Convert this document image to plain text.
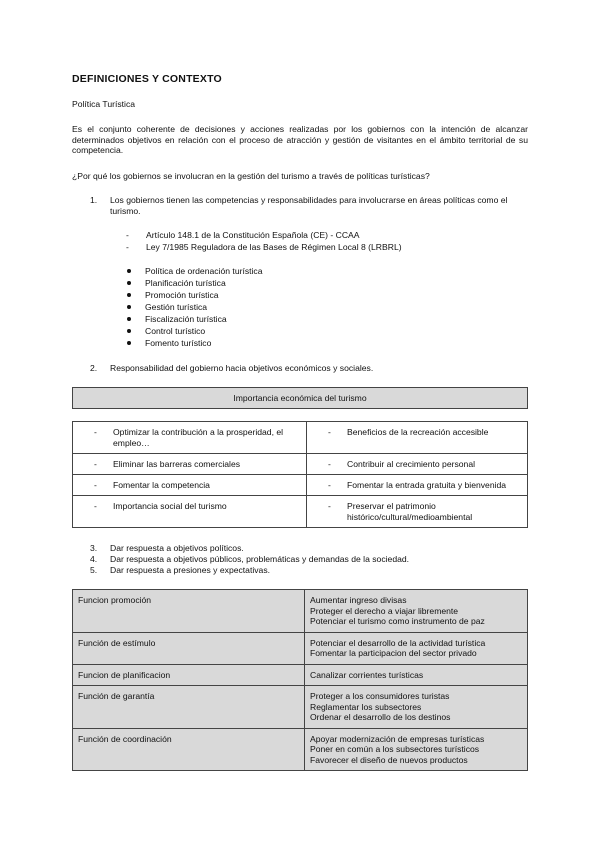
DEFINICIONES Y CONTEXTO
Política Turística
Es el conjunto coherente de decisiones y acciones realizadas por los gobiernos con la intención de alcanzar determinados objetivos en relación con el proceso de atracción y gestión de visitantes en el ámbito territorial de su competencia.
¿Por qué los gobiernos se involucran en la gestión del turismo a través de políticas turísticas?
1. Los gobiernos tienen las competencias y responsabilidades para involucrarse en áreas políticas como el turismo.
- Artículo 148.1 de la Constitución Española (CE) - CCAA
- Ley 7/1985 Reguladora de las Bases de Régimen Local 8 (LRBRL)
Política de ordenación turística
Planificación turística
Promoción turística
Gestión turística
Fiscalización turística
Control turístico
Fomento turístico
2. Responsabilidad del gobierno hacia objetivos económicos y sociales.
Importancia económica del turismo
- Optimizar la contribución a la prosperidad, el empleo…	- Beneficios de la recreación accesible

- Eliminar las barreras comerciales	- Contribuir al crecimiento personal

- Fomentar la competencia	- Fomentar la entrada gratuita y bienvenida

- Importancia social del turismo	- Preservar el patrimonio histórico/cultural/medioambiental
3. Dar respuesta a objetivos políticos.
4. Dar respuesta a objetivos públicos, problemáticas y demandas de la sociedad.
5. Dar respuesta a presiones y expectativas.
Funcion promoción	Aumentar ingreso divisas
Proteger el derecho a viajar libremente
Potenciar el turismo como instrumento de paz

Función de estímulo	Potenciar el desarrollo de la actividad turística
Fomentar la participacion del sector privado

Funcion de planificacion	Canalizar corrientes turísticas

Función de garantía	Proteger a los consumidores turistas
Reglamentar los subsectores
Ordenar el desarrollo de los destinos

Función de coordinación	Apoyar modernización de empresas turísticas
Poner en común a los subsectores turísticos
Favorecer el diseño de nuevos productos
